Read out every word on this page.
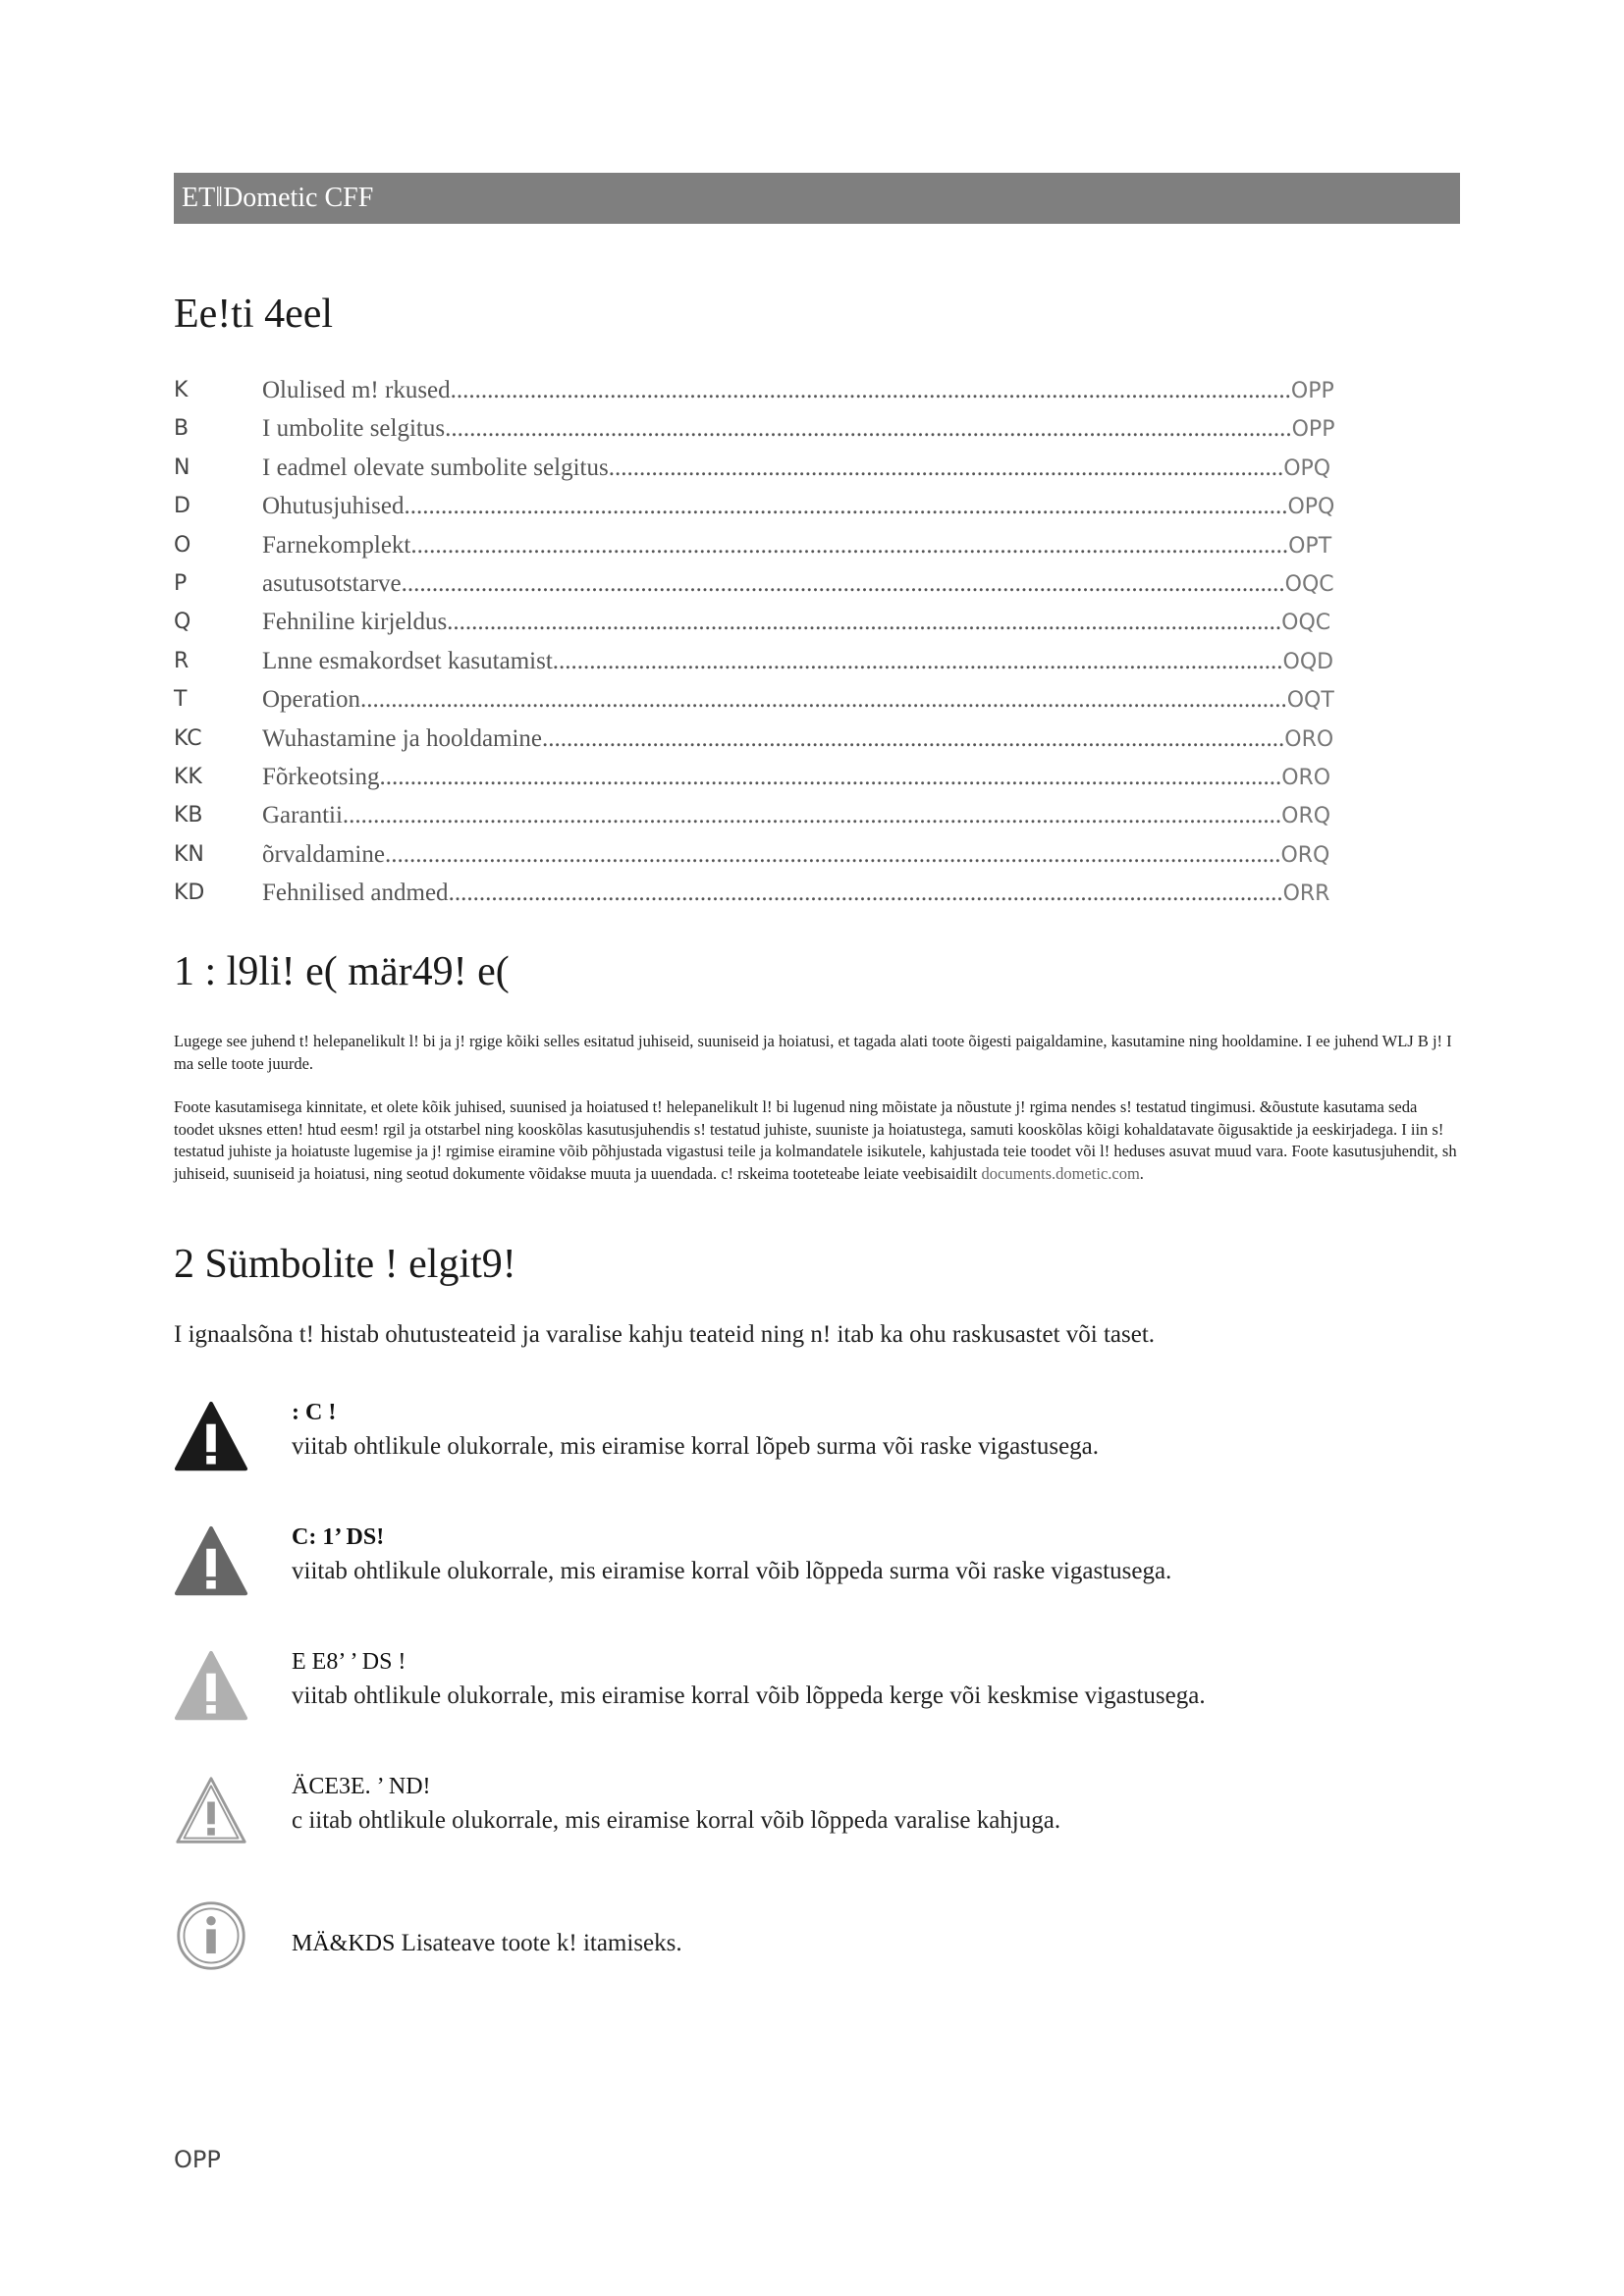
ET‖Dometic CFF
Ee!ti 4eel
K	Olulised m! rkused.........................................................................................................................................OPP
B	I umbolite selgitus..........................................................................................................................................OPP
N	I eadmel olevate sumbolite selgitus..............................................................................................................OPQ
D	Ohutusjuhised................................................................................................................................................OPQ
O	Farnekomplekt...............................................................................................................................................OPT
P	asutusotstarve................................................................................................................................................OQC
Q	Fehniline kirjeldus........................................................................................................................................OQC
R	Lnne esmakordset kasutamist.......................................................................................................................OQD
T	Operation.......................................................................................................................................................OQT
KC Wuhastamine ja hooldamine.........................................................................................................................ORO
KK Fõrkeotsing...................................................................................................................................................ORO
KB Garantii.........................................................................................................................................................ORQ
KN õrvaldamine..................................................................................................................................................ORQ
KD Fehnilised andmed........................................................................................................................................ORR
1 : l9li! e( mär49! e(
Lugege see juhend t! helepanelikult l! bi ja j! rgige kõiki selles esitatud juhiseid, suuniseid ja hoiatusi, et tagada alati toote õigesti paigaldamine, kasutamine ning hooldamine. I ee juhend WLJ B j! I ma selle toote juurde.
Foote kasutamisega kinnitate, et olete kõik juhised, suunised ja hoiatused t! helepanelikult l! bi lugenud ning mõistate ja nõustute j! rgima nendes s! testatud tingimusi. &õustute kasutama seda toodet uksnes etten! htud eesm! rgil ja otstarbel ning kooskõlas kasutusjuhendis s! testatud juhiste, suuniste ja hoiatustega, samuti kooskõlas kõigi kohaldatavate õigusaktide ja eeskirjadega. I iin s! testatud juhiste ja hoiatuste lugemise ja j! rgimise eiramine võib põhjustada vigastusi teile ja kolmandatele isikutele, kahjustada teie toodet või l! heduses asuvat muud vara. Foote kasutusjuhendit, sh juhiseid, suuniseid ja hoiatusi, ning seotud dokumente võidakse muuta ja uuendada. c! rskeima tooteteabe leiate veebisaidilt documents.dometic.com.
2 Sümbolite ! elgit9!
I ignaalsõna t! histab ohutusteateid ja varalise kahju teateid ning n! itab ka ohu raskusastet või taset.
: C !
viitab ohtlikule olukorrale, mis eiramise korral lõpeb surma või raske vigastusega.
C: 1’ DS!
viitab ohtlikule olukorrale, mis eiramise korral võib lõppeda surma või raske vigastusega.
E E8’ ’ DS !
viitab ohtlikule olukorrale, mis eiramise korral võib lõppeda kerge või keskmise vigastusega.
ÄCE3E. ’ ND!
c iitab ohtlikule olukorrale, mis eiramise korral võib lõppeda varalise kahjuga.
MÄ&KDS Lisateave toote k! itamiseks.
OPP
